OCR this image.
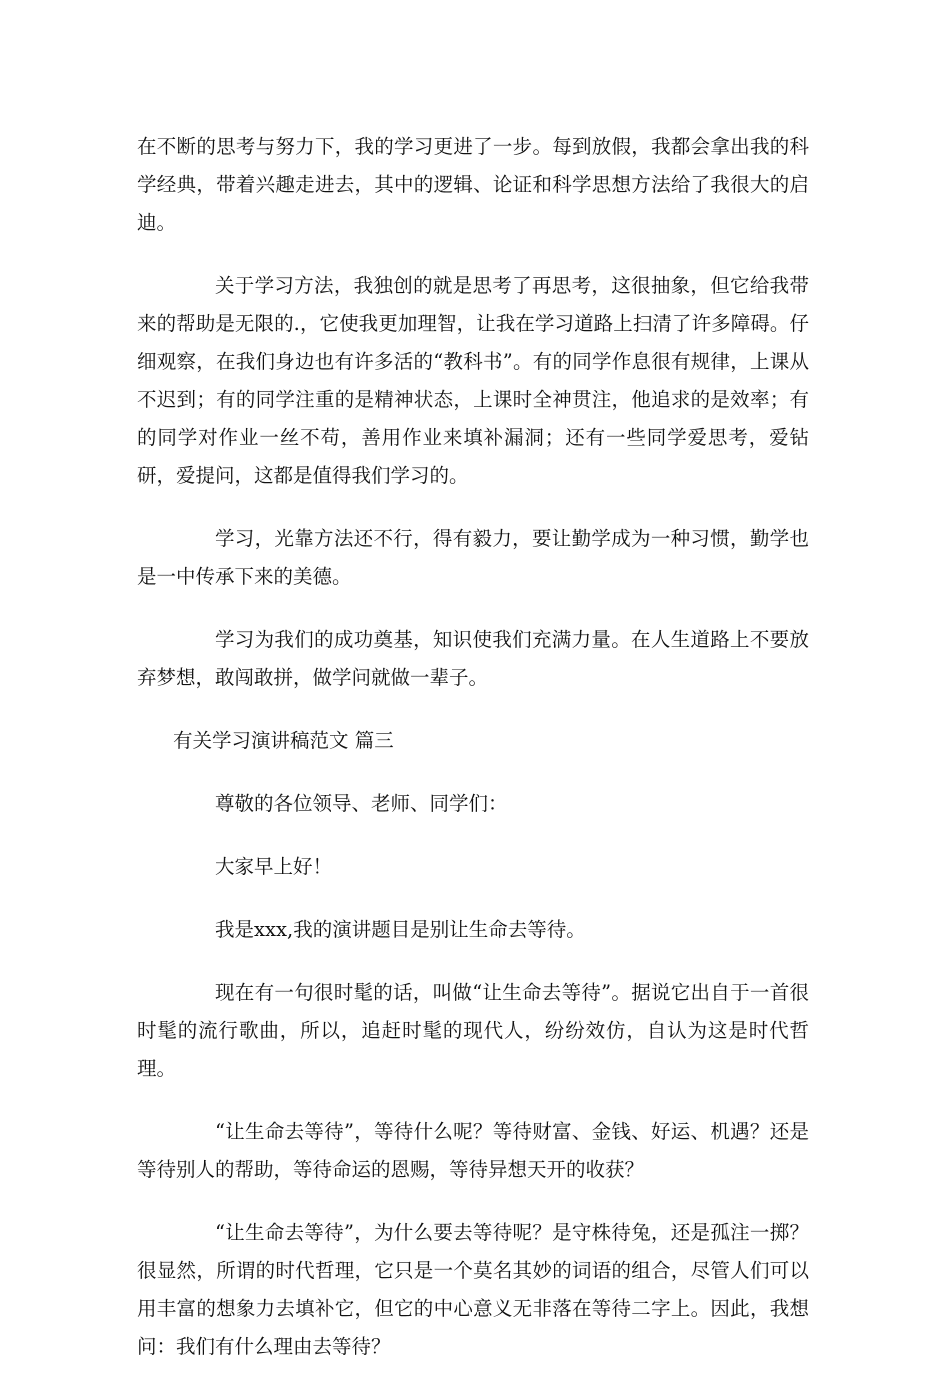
在不断的思考与努力下，我的学习更进了一步。每到放假，我都会拿出我的科学经典，带着兴趣走进去，其中的逻辑、论证和科学思想方法给了我很大的启迪。

关于学习方法，我独创的就是思考了再思考，这很抽象，但它给我带来的帮助是无限的.，它使我更加理智，让我在学习道路上扫清了许多障碍。仔细观察，在我们身边也有许多活的“教科书”。有的同学作息很有规律，上课从不迟到；有的同学注重的是精神状态，上课时全神贯注，他追求的是效率；有的同学对作业一丝不苟，善用作业来填补漏洞；还有一些同学爱思考，爱钻研，爱提问，这都是值得我们学习的。

学习，光靠方法还不行，得有毅力，要让勤学成为一种习惯，勤学也是一中传承下来的美德。

学习为我们的成功奠基，知识使我们充满力量。在人生道路上不要放弃梦想，敢闯敢拼，做学问就做一辈子。

有关学习演讲稿范文 篇三

尊敬的各位领导、老师、同学们：

大家早上好！

我是xxx,我的演讲题目是别让生命去等待。

现在有一句很时髦的话，叫做“让生命去等待”。据说它出自于一首很时髦的流行歌曲，所以，追赶时髦的现代人，纷纷效仿，自认为这是时代哲理。

“让生命去等待”，等待什么呢？等待财富、金钱、好运、机遇？还是等待别人的帮助，等待命运的恩赐，等待异想天开的收获？

“让生命去等待”，为什么要去等待呢？是守株待兔，还是孤注一掷？很显然，所谓的时代哲理，它只是一个莫名其妙的词语的组合，尽管人们可以用丰富的想象力去填补它，但它的中心意义无非落在等待二字上。因此，我想问：我们有什么理由去等待？
